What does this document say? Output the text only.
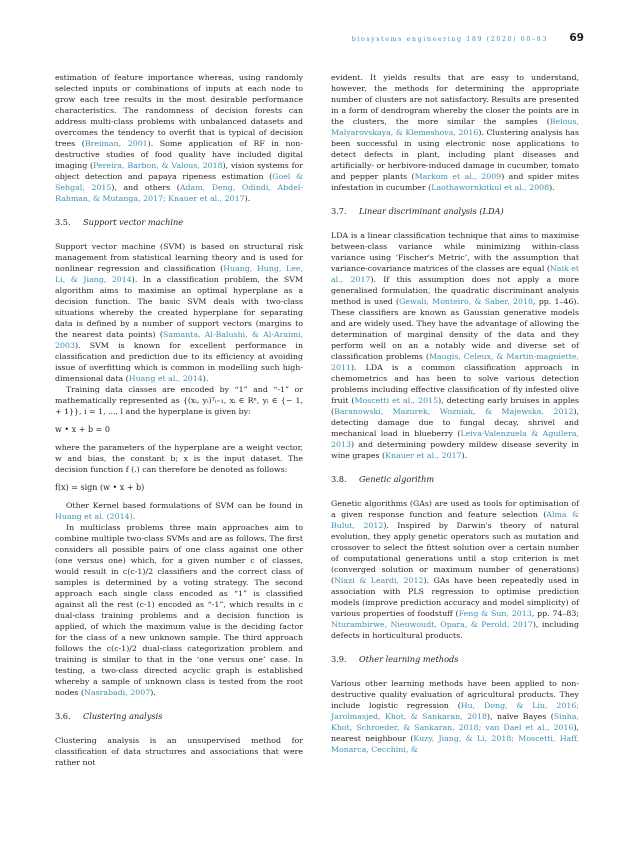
biosystems engineering 189 (2020) 60–83	69

estimation of feature importance whereas, using randomly selected inputs or combinations of inputs at each node to grow each tree results in the most desirable performance characteristics. The randomness of decision forests can address multi-class problems with unbalanced datasets and overcomes the tendency to overfit that is typical of decision trees (Breiman, 2001). Some application of RF in non-destructive studies of food quality have included digital imaging (Pereira, Barbon, & Valous, 2018), vision systems for object detection and papaya ripeness estimation (Goel & Sehgal, 2015), and others (Adam, Deng, Odindi, Abdel-Rahman, & Mutanga, 2017; Knauer et al., 2017).

3.5. Support vector machine

Support vector machine (SVM) is based on structural risk management from statistical learning theory and is used for nonlinear regression and classification (Huang, Hung, Lee, Li, & Jiang, 2014). In a classification problem, the SVM algorithm aims to maximise an optimal hyperplane as a decision function. The basic SVM deals with two-class situations whereby the created hyperplane for separating data is defined by a number of support vectors (margins to the nearest data points) (Samanta, Al-Balushi, & Al-Araimi, 2003). SVM is known for excellent performance in classification and prediction due to its efficiency at avoiding issue of overfitting which is common in modelling such high-dimensional data (Huang et al., 2014).

Training data classes are encoded by “1” and “-1” or mathematically represented as {(xᵢ, yᵢ)ᵀᵢ₌₁, xᵢ ∈ Rⁿ, yᵢ ∈ {− 1, + 1}}, i = 1, ..., l and the hyperplane is given by:

w • x + b = 0

where the parameters of the hyperplane are a weight vector, w and bias, the constant b; x is the input dataset. The decision function f (.) can therefore be denoted as follows:

f(x) = sign (w • x + b)

Other Kernel based formulations of SVM can be found in Huang et al. (2014).

In multiclass problems three main approaches aim to combine multiple two-class SVMs and are as follows. The first considers all possible pairs of one class against one other (one versus one) which, for a given number c of classes, would result in c(c-1)/2 classifiers and the correct class of samples is determined by a voting strategy. The second approach each single class encoded as “1” is classified against all the rest (c-1) encoded as “-1”, which results in c dual-class training problems and a decision function is applied, of which the maximum value is the deciding factor for the class of a new unknown sample. The third approach follows the c(c-1)/2 dual-class categorization problem and training is similar to that in the ‘one versus one’ case. In testing, a two-class directed acyclic graph is established whereby a sample of unknown class is tested from the root nodes (Nasrabadi, 2007).

3.6. Clustering analysis

Clustering analysis is an unsupervised method for classification of data structures and associations that were rather not

evident. It yields results that are easy to understand, however, the methods for determining the appropriate number of clusters are not satisfactory. Results are presented in a form of dendrogram whereby the closer the points are in the clusters, the more similar the samples (Belous, Malyarovskaya, & Klemeshova, 2016). Clustering analysis has been successful in using electronic nose applications to detect defects in plant, including plant diseases and artificially- or herbivore-induced damage in cucumber, tomato and pepper plants (Markom et al., 2009) and spider mites infestation in cucumber (Laothawornkitkul et al., 2008).

3.7. Linear discriminant analysis (LDA)

LDA is a linear classification technique that aims to maximise between-class variance while minimizing within-class variance using ‘Fischer's Metric’, with the assumption that variance-covariance matrices of the classes are equal (Naik et al., 2017). If this assumption does not apply a more generalised formulation, the quadratic discriminant analysis method is used (Gewali, Monteiro, & Saber, 2018, pp. 1–46). These classifiers are known as Gaussian generative models and are widely used. They have the advantage of allowing the determination of marginal density of the data and they perform well on an a notably wide and diverse set of classification problems (Maugis, Celeux, & Martin-magniette, 2011). LDA is a common classification approach in chemometrics and has been to solve various detection problems including effective classification of fly infested olive fruit (Moscetti et al., 2015), detecting early bruises in apples (Baranowski, Mazurek, Wozniak, & Majewska, 2012), detecting damage due to fungal decay, shrivel and mechanical load in blueberry (Leiva-Valenzuela & Aguilera, 2013) and determining powdery mildew disease severity in wine grapes (Knauer et al., 2017).

3.8. Genetic algorithm

Genetic algorithms (GAs) are used as tools for optimisation of a given response function and feature selection (Alma & Bulut, 2012). Inspired by Darwin's theory of natural evolution, they apply genetic operators such as mutation and crossover to select the fittest solution over a certain number of computational generations until a stop criterion is met (converged solution or maximum number of generations) (Niazi & Leardi, 2012). GAs have been repeatedly used in association with PLS regression to optimise prediction models (improve prediction accuracy and model simplicity) of various properties of foodstuff (Feng & Sun, 2013, pp. 74–83; Nturambirwe, Nieuwoudt, Opara, & Perold, 2017), including defects in horticultural products.

3.9. Other learning methods

Various other learning methods have been applied to non-destructive quality evaluation of agricultural products. They include logistic regression (Hu, Dong, & Liu, 2016; Jarolmasjed, Khot, & Sankaran, 2018), naïve Bayes (Sinha, Khot, Schroeder, & Sankaran, 2018; van Dael et al., 2016), nearest neighbour (Kuzy, Jiang, & Li, 2018; Moscetti, Haff, Monarca, Cecchini, &
